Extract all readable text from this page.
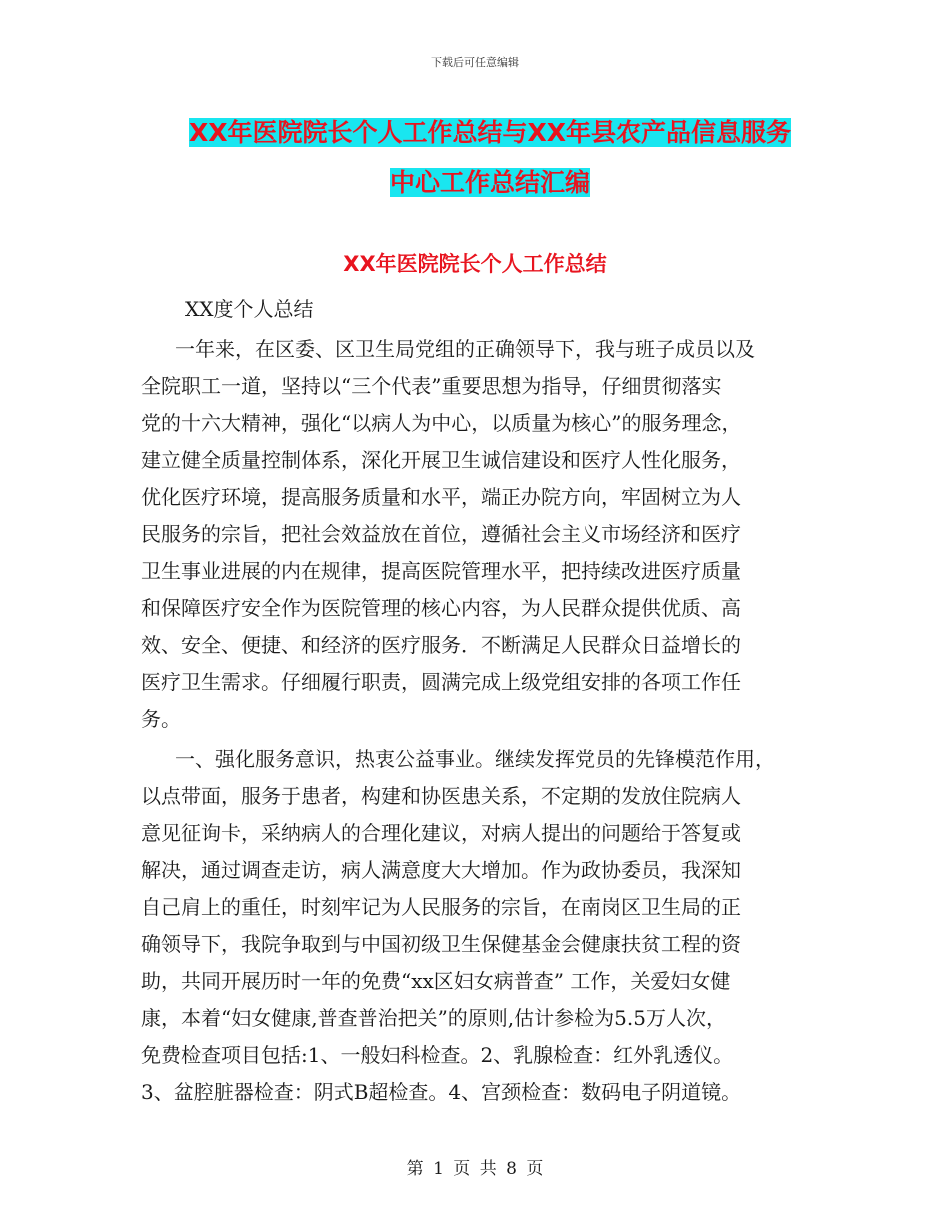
下载后可任意编辑
XX年医院院长个人工作总结与XX年县农产品信息服务
中心工作总结汇编
XX年医院院长个人工作总结
XX度个人总结
一年来，在区委、区卫生局党组的正确领导下，我与班子成员以及
全院职工一道，坚持以“三个代表”重要思想为指导，仔细贯彻落实
党的十六大精神，强化“以病人为中心，以质量为核心”的服务理念，
建立健全质量控制体系，深化开展卫生诚信建设和医疗人性化服务，
优化医疗环境，提高服务质量和水平，端正办院方向，牢固树立为人
民服务的宗旨，把社会效益放在首位，遵循社会主义市场经济和医疗
卫生事业进展的内在规律，提高医院管理水平，把持续改进医疗质量
和保障医疗安全作为医院管理的核心内容，为人民群众提供优质、高
效、安全、便捷、和经济的医疗服务．不断满足人民群众日益增长的
医疗卫生需求。仔细履行职责，圆满完成上级党组安排的各项工作任
务。
一、强化服务意识，热衷公益事业。继续发挥党员的先锋模范作用，
以点带面，服务于患者，构建和协医患关系，不定期的发放住院病人
意见征询卡，采纳病人的合理化建议，对病人提出的问题给于答复或
解决，通过调查走访，病人满意度大大增加。作为政协委员，我深知
自己肩上的重任，时刻牢记为人民服务的宗旨，在南岗区卫生局的正
确领导下，我院争取到与中国初级卫生保健基金会健康扶贫工程的资
助，共同开展历时一年的免费“xx区妇女病普查” 工作，关爱妇女健
康，本着“妇女健康,普查普治把关”的原则,估计参检为5.5万人次，
免费检查项目包括:1、一般妇科检查。2、乳腺检查：红外乳透仪。
3、盆腔脏器检查：阴式B超检查。4、宫颈检查：数码电子阴道镜。
第 1 页 共 8 页
